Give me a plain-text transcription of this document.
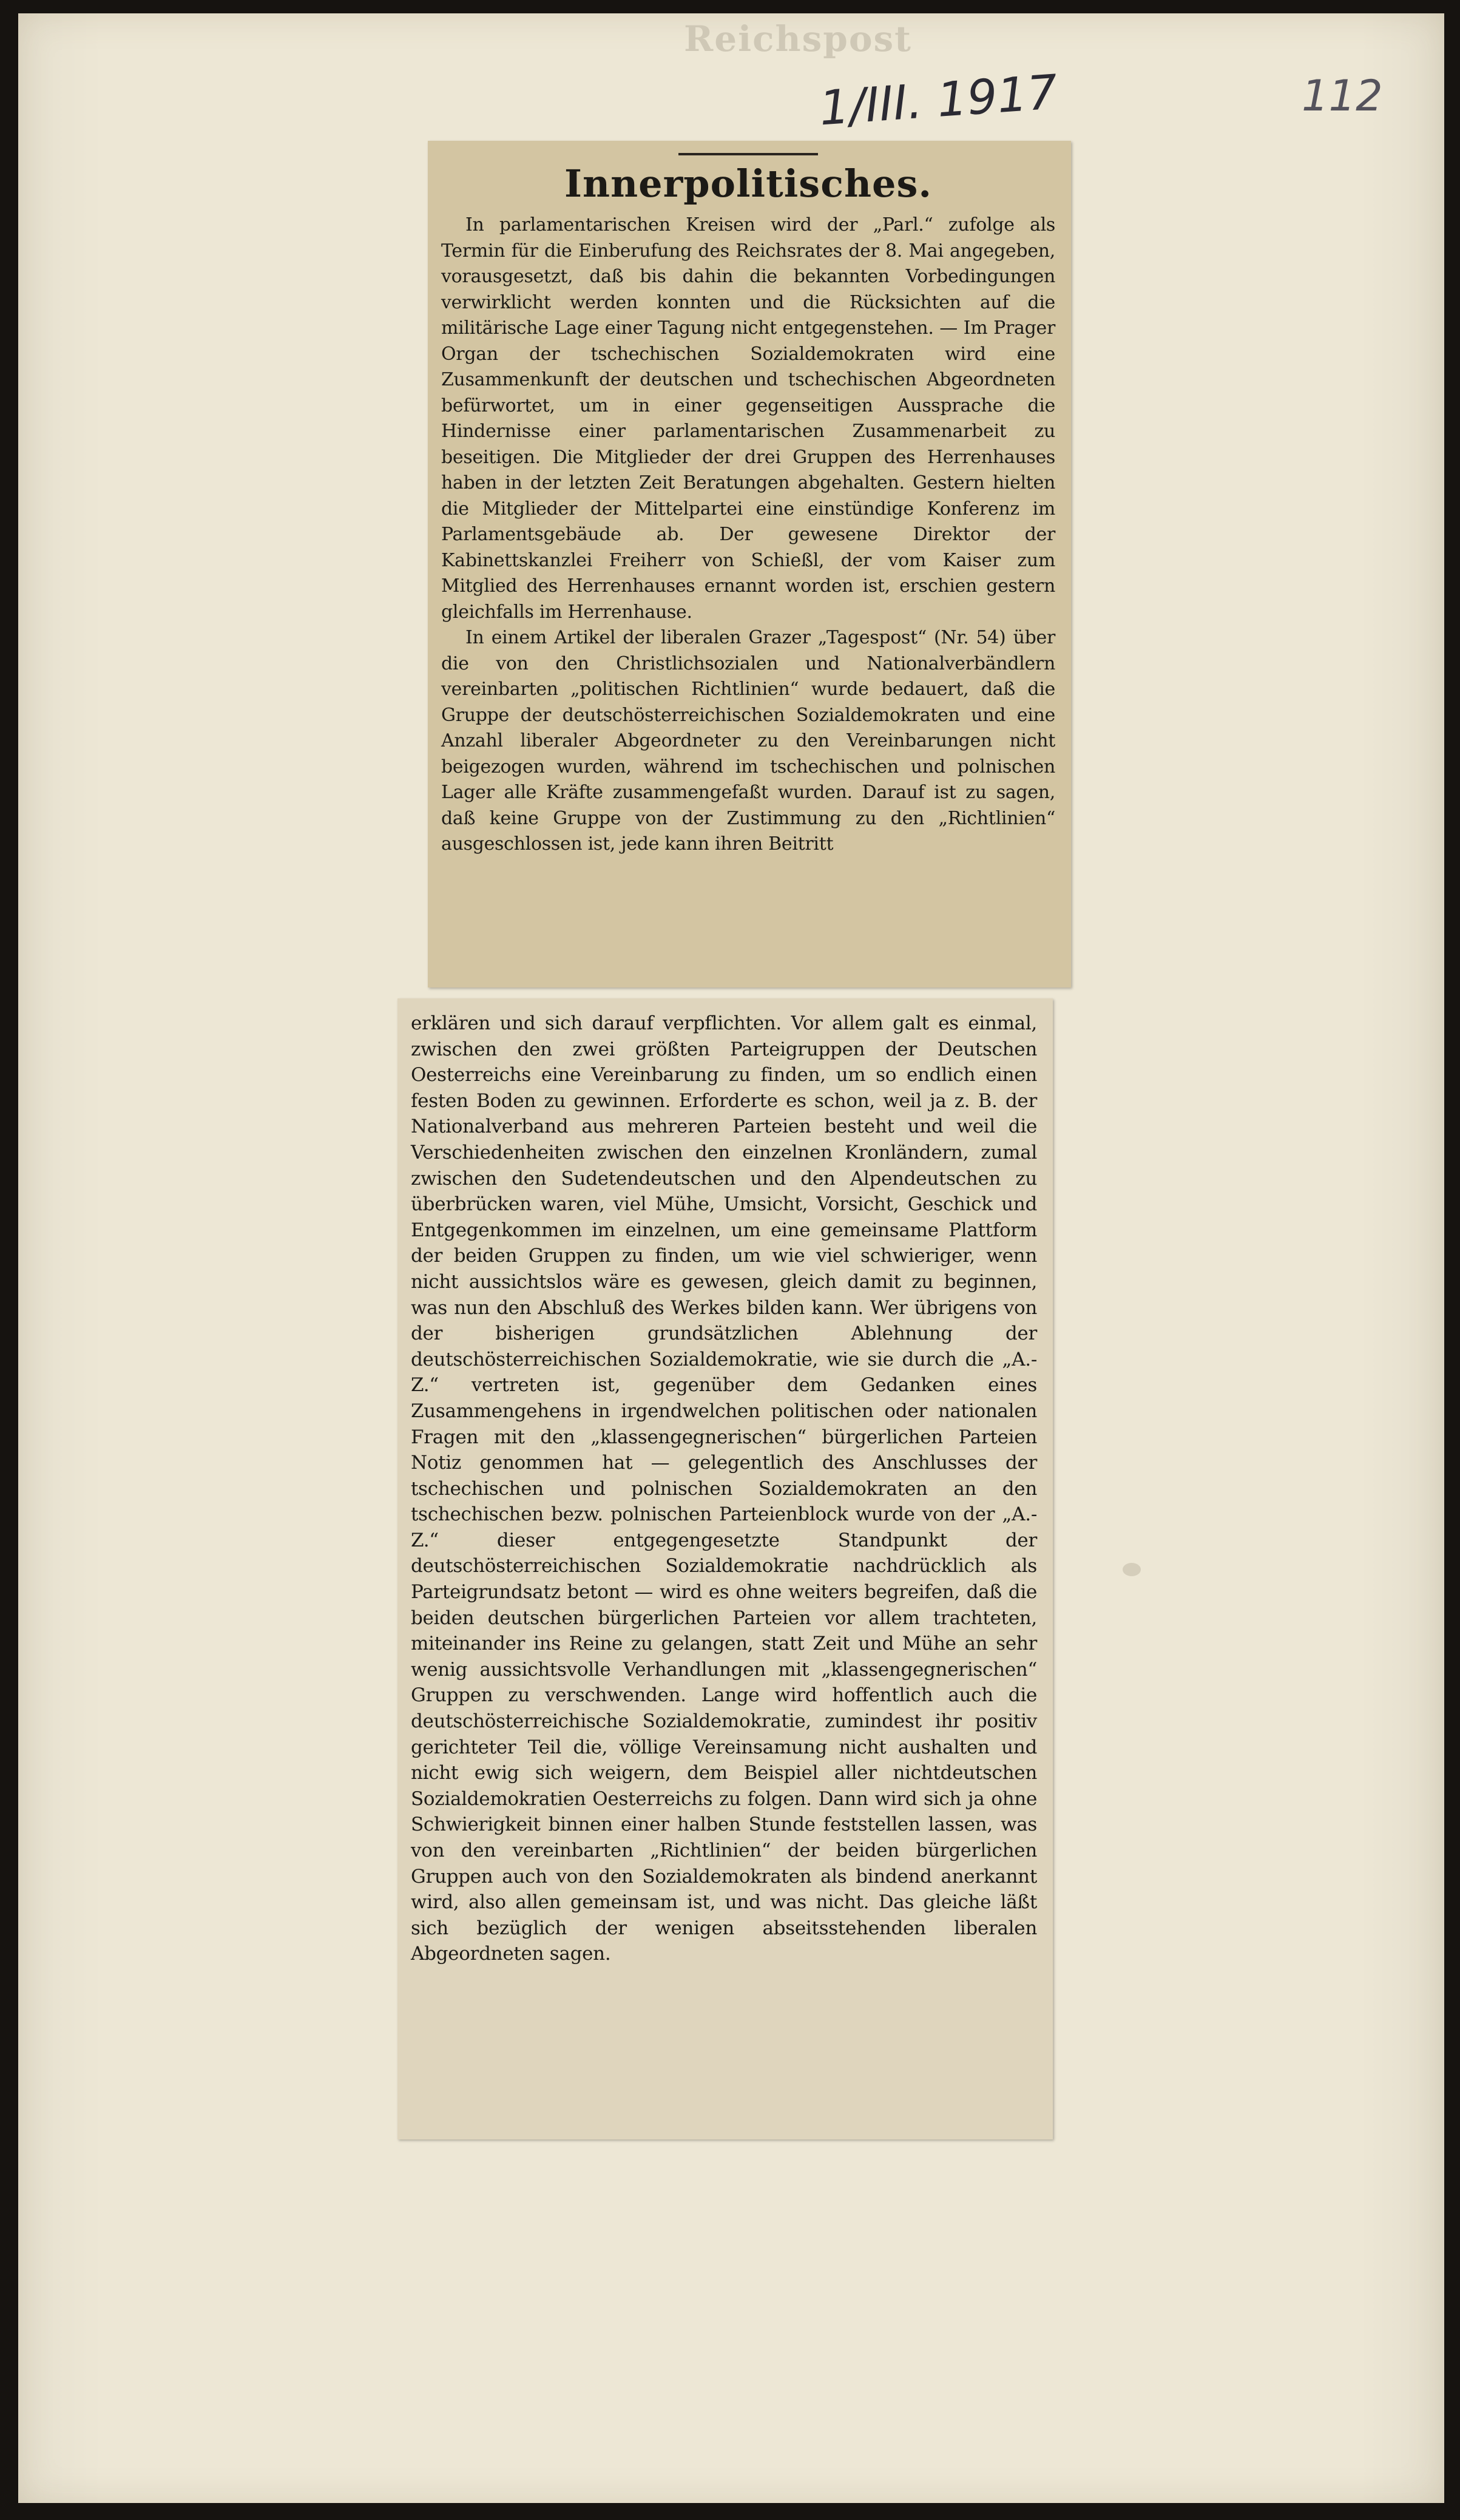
Reichspost
1/III. 1917	112
Innerpolitisches.

In parlamentarischen Kreisen wird der „Parl.“ zufolge als Termin für die Einberufung des Reichsrates der 8. Mai angegeben, vorausgesetzt, daß bis dahin die bekannten Vorbedingungen verwirklicht werden konnten und die Rücksichten auf die militärische Lage einer Tagung nicht entgegenstehen. — Im Prager Organ der tschechischen Sozialdemokraten wird eine Zusammenkunft der deutschen und tschechischen Abgeordneten befürwortet, um in einer gegenseitigen Aussprache die Hindernisse einer parlamentarischen Zusammenarbeit zu beseitigen. Die Mitglieder der drei Gruppen des Herrenhauses haben in der letzten Zeit Beratungen abgehalten. Gestern hielten die Mitglieder der Mittelpartei eine einstündige Konferenz im Parlamentsgebäude ab. Der gewesene Direktor der Kabinettskanzlei Freiherr von Schießl, der vom Kaiser zum Mitglied des Herrenhauses ernannt worden ist, erschien gestern gleichfalls im Herrenhause.

In einem Artikel der liberalen Grazer „Tagespost“ (Nr. 54) über die von den Christlichsozialen und Nationalverbändlern vereinbarten „politischen Richtlinien“ wurde bedauert, daß die Gruppe der deutschösterreichischen Sozialdemokraten und eine Anzahl liberaler Abgeordneter zu den Vereinbarungen nicht beigezogen wurden, während im tschechischen und polnischen Lager alle Kräfte zusammengefaßt wurden. Darauf ist zu sagen, daß keine Gruppe von der Zustimmung zu den „Richtlinien“ ausgeschlossen ist, jede kann ihren Beitritt

erklären und sich darauf verpflichten. Vor allem galt es einmal, zwischen den zwei größten Parteigruppen der Deutschen Oesterreichs eine Vereinbarung zu finden, um so endlich einen festen Boden zu gewinnen. Erforderte es schon, weil ja z. B. der Nationalverband aus mehreren Parteien besteht und weil die Verschiedenheiten zwischen den einzelnen Kronländern, zumal zwischen den Sudetendeutschen und den Alpendeutschen zu überbrücken waren, viel Mühe, Umsicht, Vorsicht, Geschick und Entgegenkommen im einzelnen, um eine gemeinsame Plattform der beiden Gruppen zu finden, um wie viel schwieriger, wenn nicht aussichtslos wäre es gewesen, gleich damit zu beginnen, was nun den Abschluß des Werkes bilden kann. Wer übrigens von der bisherigen grundsätzlichen Ablehnung der deutschösterreichischen Sozialdemokratie, wie sie durch die „A.-Z.“ vertreten ist, gegenüber dem Gedanken eines Zusammengehens in irgendwelchen politischen oder nationalen Fragen mit den „klassengegnerischen“ bürgerlichen Parteien Notiz genommen hat — gelegentlich des Anschlusses der tschechischen und polnischen Sozialdemokraten an den tschechischen bezw. polnischen Parteienblock wurde von der „A.-Z.“ dieser entgegengesetzte Standpunkt der deutschösterreichischen Sozialdemokratie nachdrücklich als Parteigrundsatz betont — wird es ohne weiters begreifen, daß die beiden deutschen bürgerlichen Parteien vor allem trachteten, miteinander ins Reine zu gelangen, statt Zeit und Mühe an sehr wenig aussichtsvolle Verhandlungen mit „klassengegnerischen“ Gruppen zu verschwenden. Lange wird hoffentlich auch die deutschösterreichische Sozialdemokratie, zumindest ihr positiv gerichteter Teil die, völlige Vereinsamung nicht aushalten und nicht ewig sich weigern, dem Beispiel aller nichtdeutschen Sozialdemokratien Oesterreichs zu folgen. Dann wird sich ja ohne Schwierigkeit binnen einer halben Stunde feststellen lassen, was von den vereinbarten „Richtlinien“ der beiden bürgerlichen Gruppen auch von den Sozialdemokraten als bindend anerkannt wird, also allen gemeinsam ist, und was nicht. Das gleiche läßt sich bezüglich der wenigen abseitsstehenden liberalen Abgeordneten sagen.
